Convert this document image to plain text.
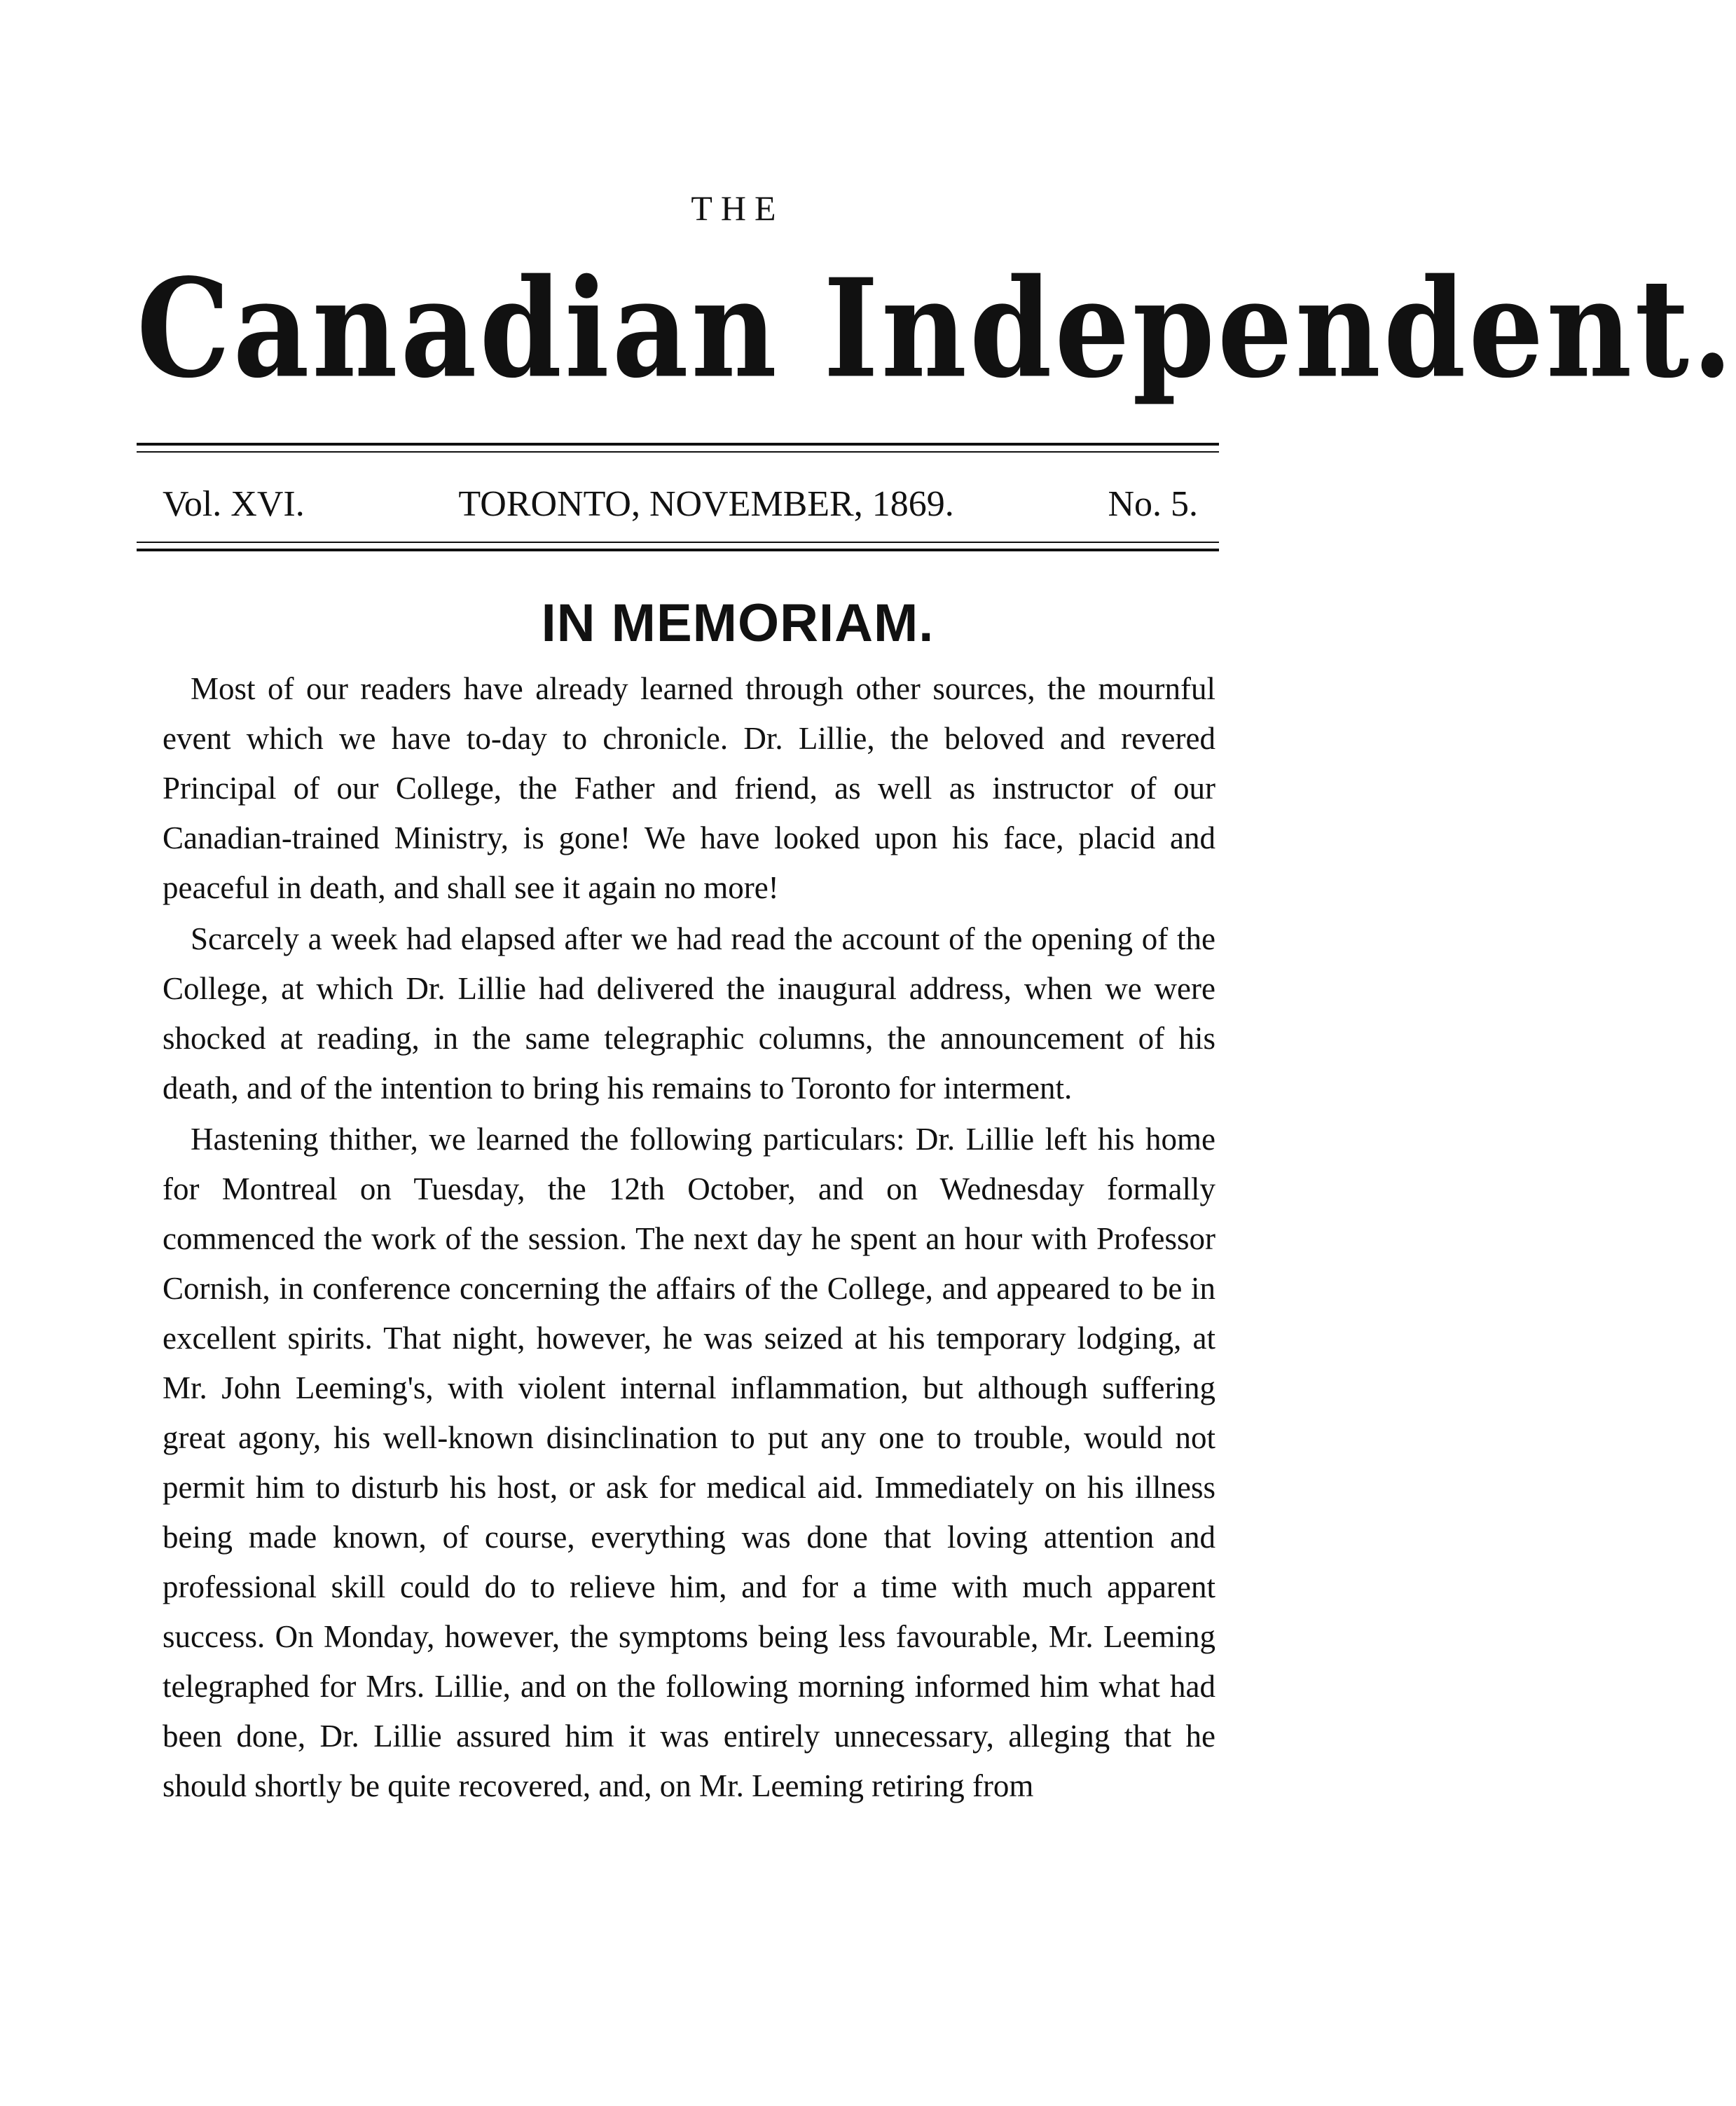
THE
Canadian Independent.
Vol. XVI.	TORONTO, NOVEMBER, 1869.	No. 5.
IN MEMORIAM.

Most of our readers have already learned through other sources, the mournful event which we have to-day to chronicle. Dr. Lillie, the beloved and revered Principal of our College, the Father and friend, as well as instructor of our Canadian-trained Ministry, is gone! We have looked upon his face, placid and peaceful in death, and shall see it again no more!

Scarcely a week had elapsed after we had read the account of the opening of the College, at which Dr. Lillie had delivered the inaugural address, when we were shocked at reading, in the same telegraphic columns, the announcement of his death, and of the intention to bring his remains to Toronto for interment.

Hastening thither, we learned the following particulars: Dr. Lillie left his home for Montreal on Tuesday, the 12th October, and on Wednesday formally commenced the work of the session. The next day he spent an hour with Professor Cornish, in conference concerning the affairs of the College, and appeared to be in excellent spirits. That night, however, he was seized at his temporary lodging, at Mr. John Leeming's, with violent internal inflammation, but although suffering great agony, his well-known disinclination to put any one to trouble, would not permit him to disturb his host, or ask for medical aid. Immediately on his illness being made known, of course, everything was done that loving attention and professional skill could do to relieve him, and for a time with much apparent success. On Monday, however, the symptoms being less favourable, Mr. Leeming telegraphed for Mrs. Lillie, and on the following morning informed him what had been done, Dr. Lillie assured him it was entirely unnecessary, alleging that he should shortly be quite recovered, and, on Mr. Leeming retiring from
